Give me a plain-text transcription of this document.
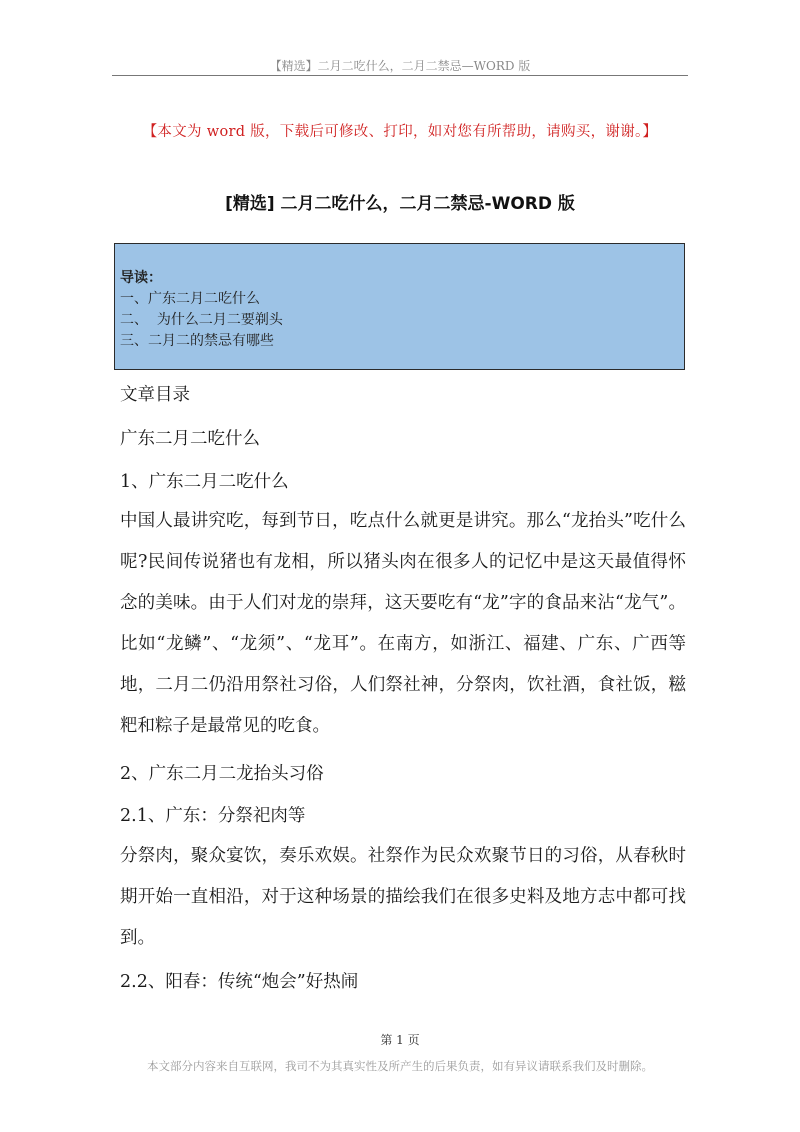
【精选】二月二吃什么，二月二禁忌—WORD 版
【本文为 word 版，下载后可修改、打印，如对您有所帮助，请购买，谢谢。】
[精选] 二月二吃什么，二月二禁忌-WORD 版
导读：
一、广东二月二吃什么
二、  为什么二月二要剃头
三、二月二的禁忌有哪些
文章目录
广东二月二吃什么
1、广东二月二吃什么
中国人最讲究吃，每到节日，吃点什么就更是讲究。那么“龙抬头”吃什么呢?民间传说猪也有龙相，所以猪头肉在很多人的记忆中是这天最值得怀念的美味。由于人们对龙的崇拜，这天要吃有“龙”字的食品来沾“龙气”。比如“龙鳞”、“龙须”、“龙耳”。在南方，如浙江、福建、广东、广西等地，二月二仍沿用祭社习俗，人们祭社神，分祭肉，饮社酒，食社饭，糍粑和粽子是最常见的吃食。
2、广东二月二龙抬头习俗
2.1、广东：分祭祀肉等
分祭肉，聚众宴饮，奏乐欢娱。社祭作为民众欢聚节日的习俗，从春秋时期开始一直相沿，对于这种场景的描绘我们在很多史料及地方志中都可找到。
2.2、阳春：传统“炮会”好热闹
第 1 页
本文部分内容来自互联网，我司不为其真实性及所产生的后果负责，如有异议请联系我们及时删除。
